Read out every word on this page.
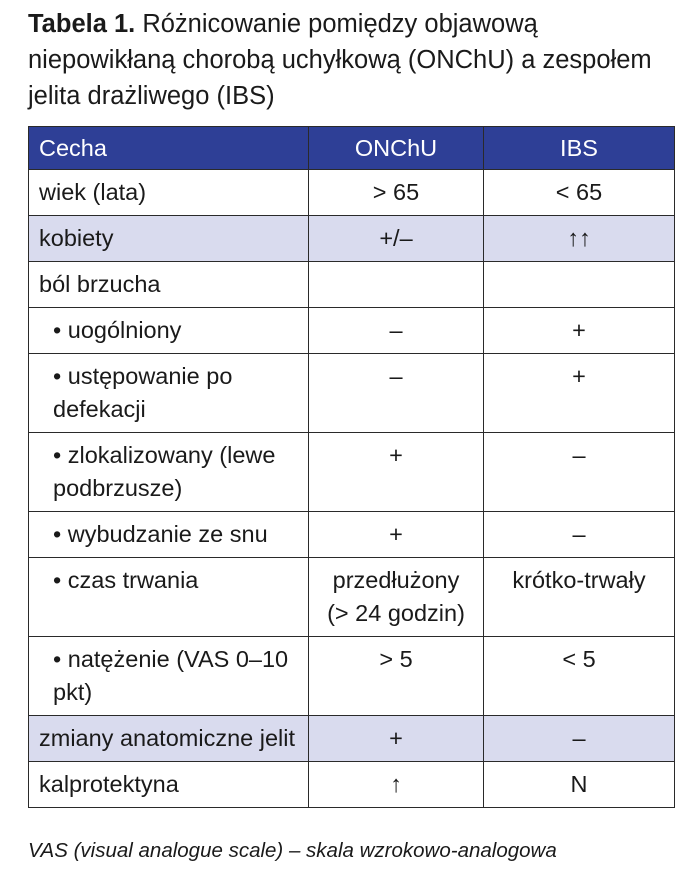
Tabela 1. Różnicowanie pomiędzy objawową niepowikłaną chorobą uchyłkową (ONChU) a zespołem jelita drażliwego (IBS)
Cecha	ONChU	IBS
wiek (lata)	> 65	< 65
kobiety	+/–	↑↑
ból brzucha		

• uogólniony	–	+

• ustępowanie po defekacji	–	+

• zlokalizowany (lewe podbrzusze)	+	–

• wybudzanie ze snu	+	–

• czas trwania	przedłużony (> 24 godzin)	krótko-trwały

• natężenie (VAS 0–10 pkt)	> 5	< 5
zmiany anatomiczne jelit	+	–
kalprotektyna	↑	N
VAS (visual analogue scale) – skala wzrokowo-analogowa
